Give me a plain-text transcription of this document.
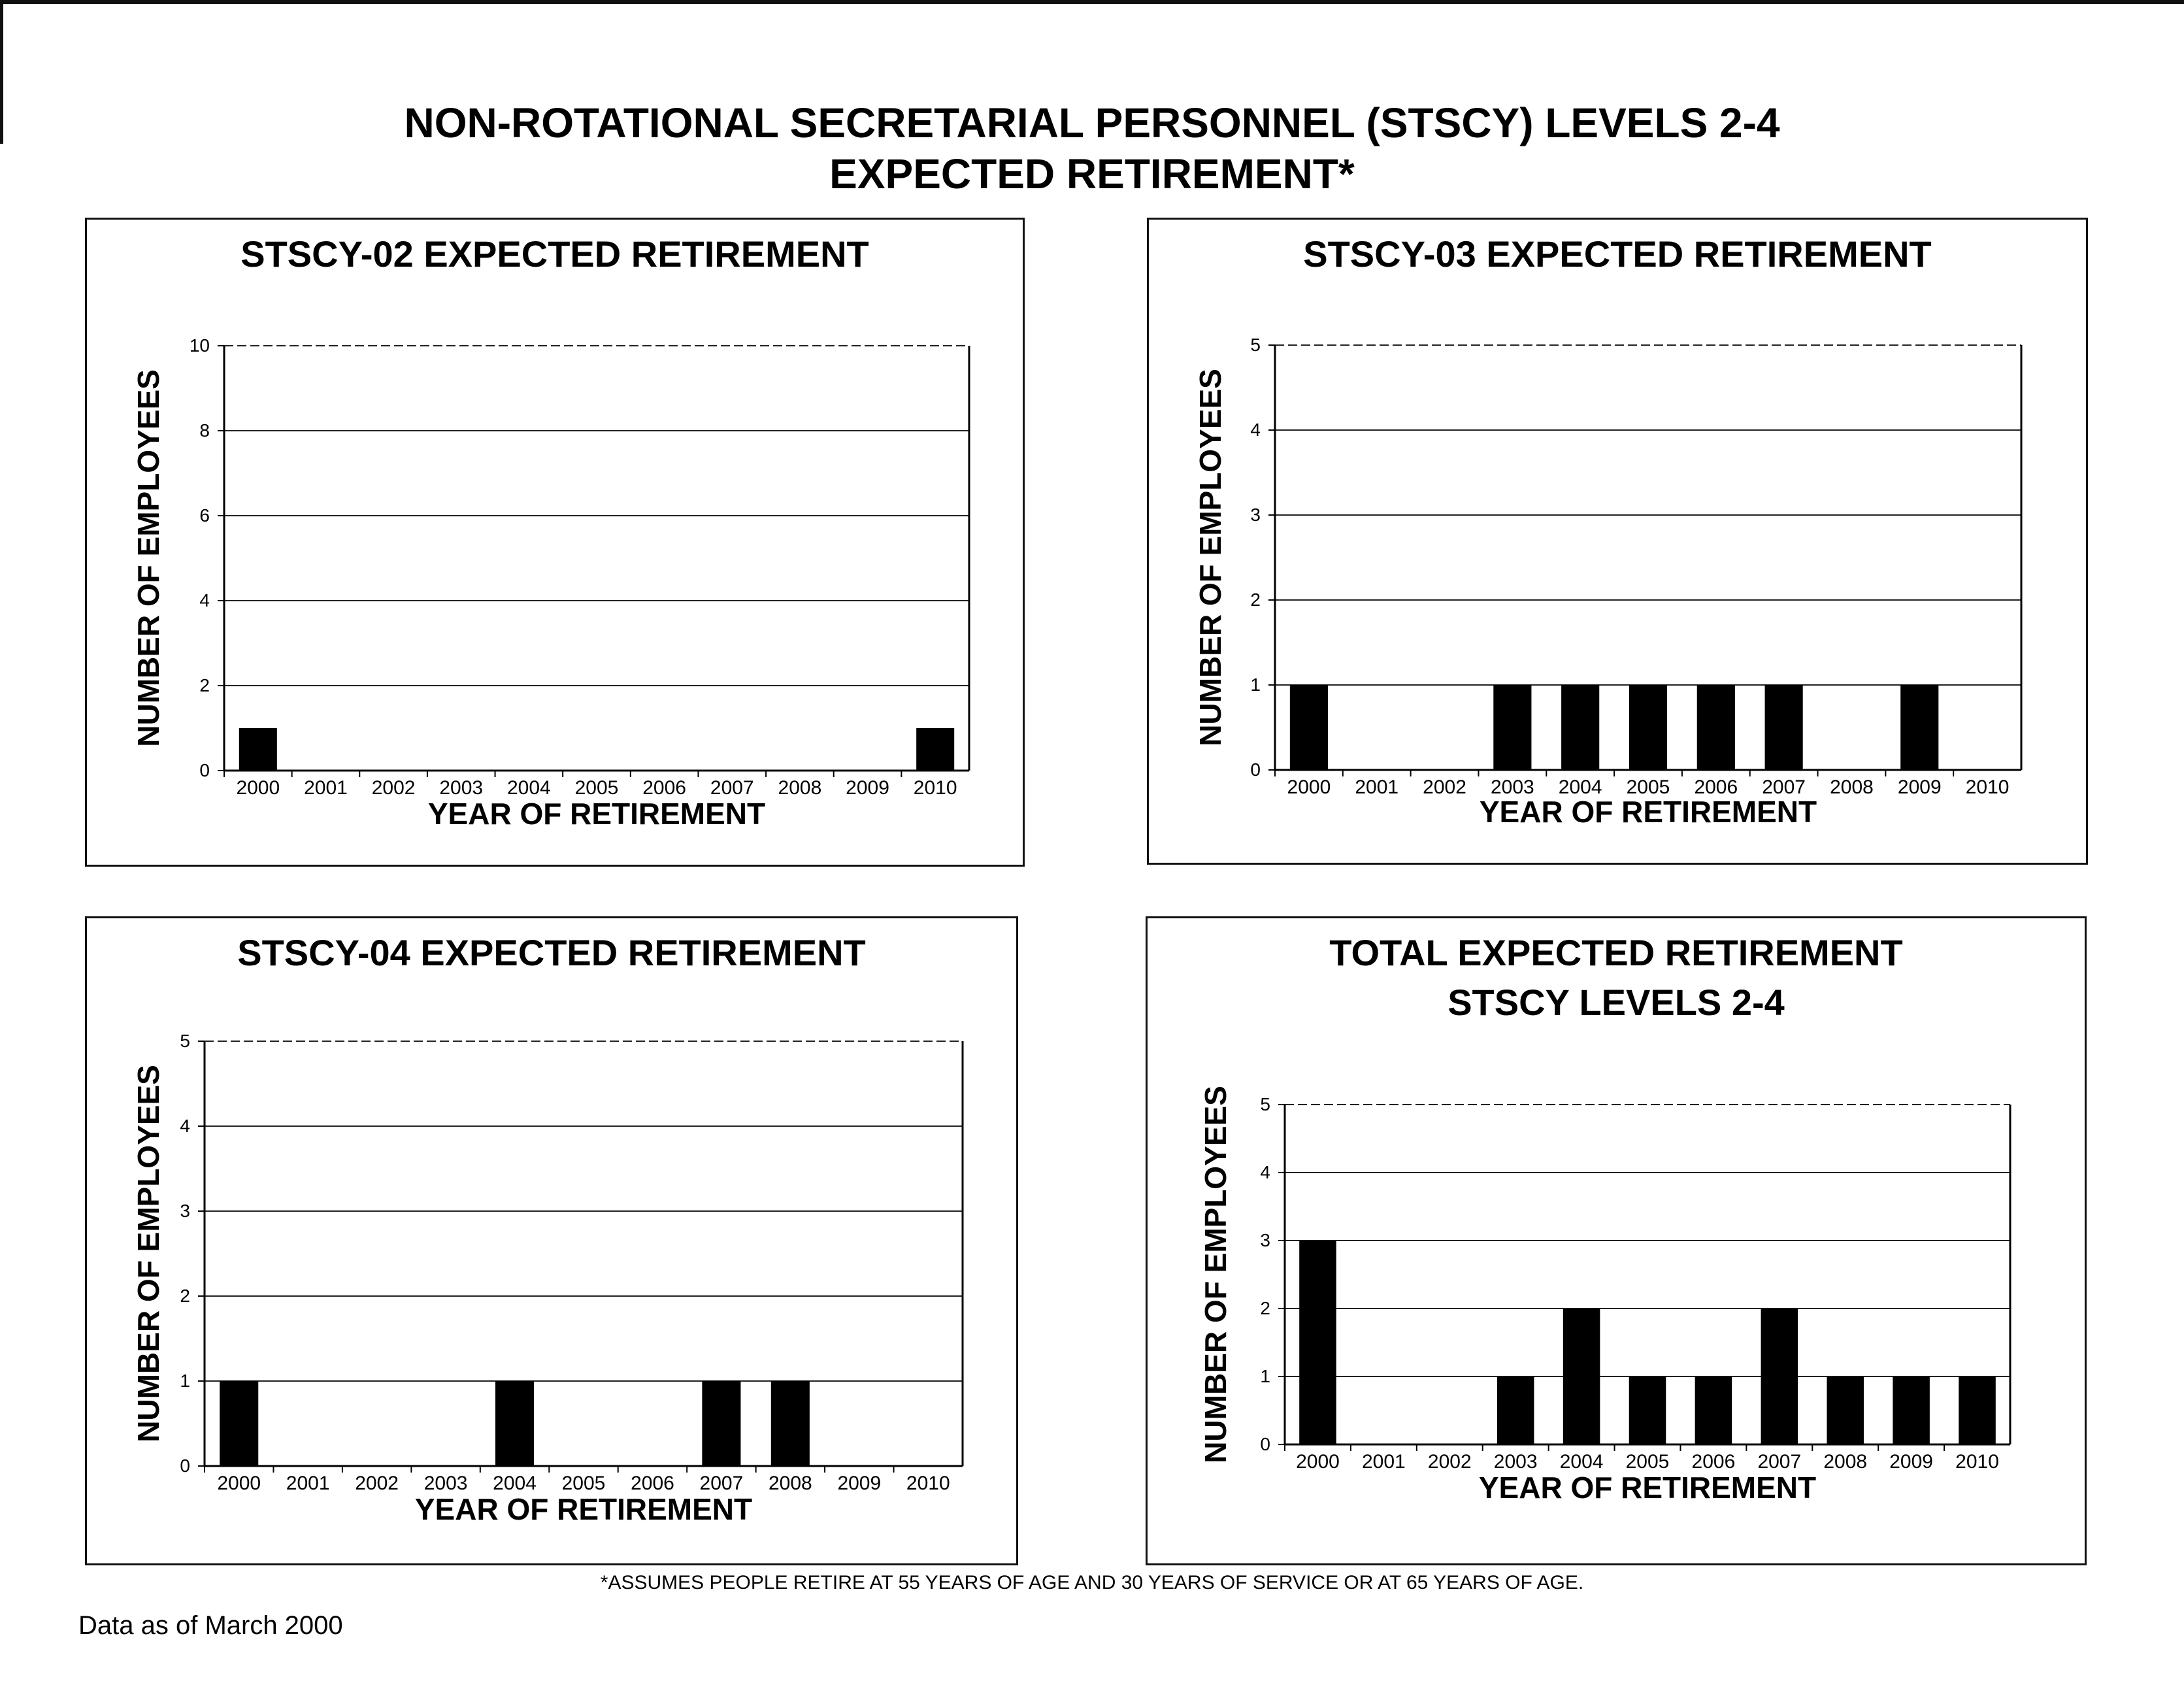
NON-ROTATIONAL SECRETARIAL PERSONNEL (STSCY) LEVELS 2-4
EXPECTED RETIREMENT*
STSCY-02 EXPECTED RETIREMENT
0
2
4
6
8
10
2000 2001 2002 2003 2004 2005 2006 2007 2008 2009 2010
YEAR OF RETIREMENT
NUMBER OF EMPLOYEES
STSCY-03 EXPECTED RETIREMENT
0
1
2
3
4
5
2000 2001 2002 2003 2004 2005 2006 2007 2008 2009 2010
YEAR OF RETIREMENT
NUMBER OF EMPLOYEES
STSCY-04 EXPECTED RETIREMENT
0
1
2
3
4
5
2000 2001 2002 2003 2004 2005 2006 2007 2008 2009 2010
YEAR OF RETIREMENT
NUMBER OF EMPLOYEES
TOTAL EXPECTED RETIREMENT
STSCY LEVELS 2-4
0
1
2
3
4
5
2000 2001 2002 2003 2004 2005 2006 2007 2008 2009 2010
YEAR OF RETIREMENT
NUMBER OF EMPLOYEES
*ASSUMES PEOPLE RETIRE AT 55 YEARS OF AGE AND 30 YEARS OF SERVICE OR AT 65 YEARS OF AGE.
Data as of March 2000
